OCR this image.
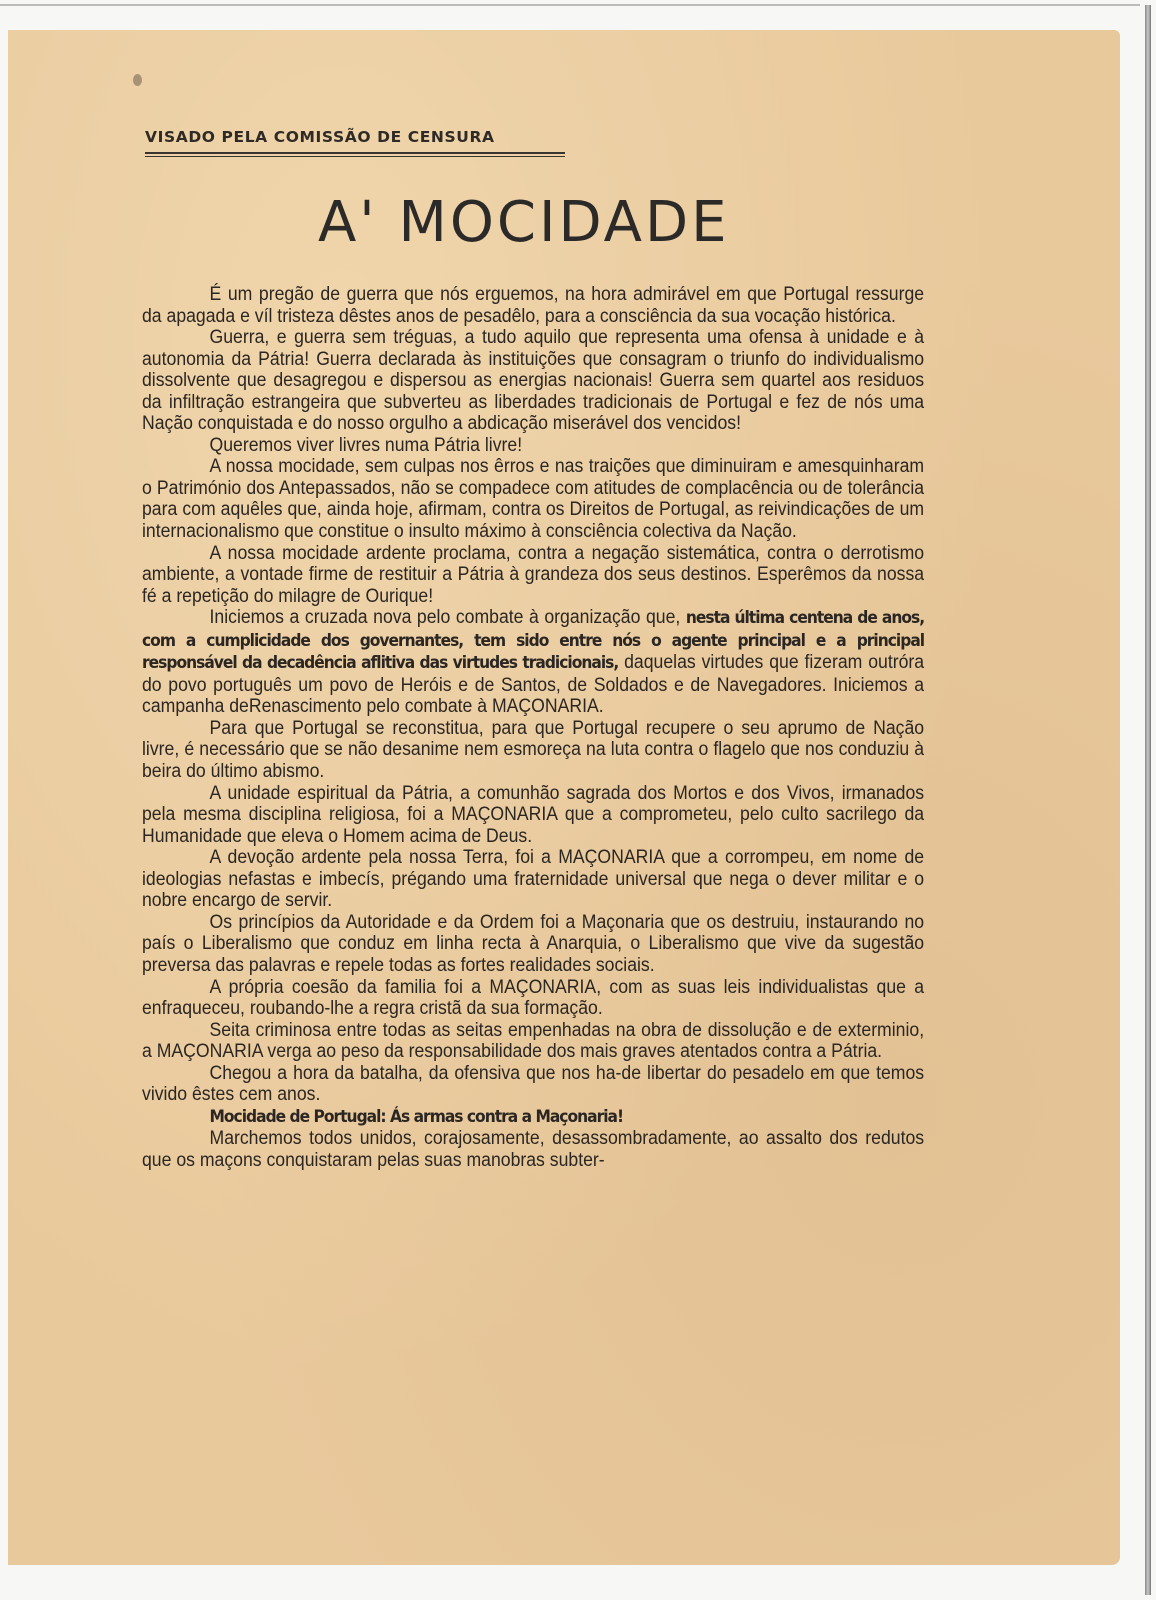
VISADO PELA COMISSÃO DE CENSURA
A' MOCIDADE

É um pregão de guerra que nós erguemos, na hora admirável em que Portugal ressurge da apagada e víl tristeza dêstes anos de pesadêlo, para a consciência da sua vocação histórica.

Guerra, e guerra sem tréguas, a tudo aquilo que representa uma ofensa à unidade e à autonomia da Pátria! Guerra declarada às instituições que consagram o triunfo do individualismo dissolvente que desagregou e dispersou as energias nacionais! Guerra sem quartel aos residuos da infiltração estrangeira que subverteu as liberdades tradicionais de Portugal e fez de nós uma Nação conquistada e do nosso orgulho a abdicação miserável dos vencidos!

Queremos viver livres numa Pátria livre!

A nossa mocidade, sem culpas nos êrros e nas traições que diminuiram e amesquinharam o Património dos Antepassados, não se compadece com atitudes de complacência ou de tolerância para com aquêles que, ainda hoje, afirmam, contra os Direitos de Portugal, as reivindicações de um internacionalismo que constitue o insulto máximo à consciência colectiva da Nação.

A nossa mocidade ardente proclama, contra a negação sistemática, contra o derrotismo ambiente, a vontade firme de restituir a Pátria à grandeza dos seus destinos. Esperêmos da nossa fé a repetição do milagre de Ourique!

Iniciemos a cruzada nova pelo combate à organização que, nesta última centena de anos, com a cumplicidade dos governantes, tem sido entre nós o agente principal e a principal responsável da decadência aflitiva das virtudes tradicionais, daquelas virtudes que fizeram outróra do povo português um povo de Heróis e de Santos, de Soldados e de Navegadores. Iniciemos a campanha deRenascimento pelo combate à MAÇONARIA.

Para que Portugal se reconstitua, para que Portugal recupere o seu aprumo de Nação livre, é necessário que se não desanime nem esmoreça na luta contra o flagelo que nos conduziu à beira do último abismo.

A unidade espiritual da Pátria, a comunhão sagrada dos Mortos e dos Vivos, irmanados pela mesma disciplina religiosa, foi a MAÇONARIA que a comprometeu, pelo culto sacrilego da Humanidade que eleva o Homem acima de Deus.

A devoção ardente pela nossa Terra, foi a MAÇONARIA que a corrompeu, em nome de ideologias nefastas e imbecís, prégando uma fraternidade universal que nega o dever militar e o nobre encargo de servir.

Os princípios da Autoridade e da Ordem foi a Maçonaria que os destruiu, instaurando no país o Liberalismo que conduz em linha recta à Anarquia, o Liberalismo que vive da sugestão preversa das palavras e repele todas as fortes realidades sociais.

A própria coesão da familia foi a MAÇONARIA, com as suas leis individualistas que a enfraqueceu, roubando-lhe a regra cristã da sua formação.

Seita criminosa entre todas as seitas empenhadas na obra de dissolução e de exterminio, a MAÇONARIA verga ao peso da responsabilidade dos mais graves atentados contra a Pátria.

Chegou a hora da batalha, da ofensiva que nos ha-de libertar do pesadelo em que temos vivido êstes cem anos.

Mocidade de Portugal: Ás armas contra a Maçonaria!

Marchemos todos unidos, corajosamente, desassombradamente, ao assalto dos redutos que os maçons conquistaram pelas suas manobras subter-
